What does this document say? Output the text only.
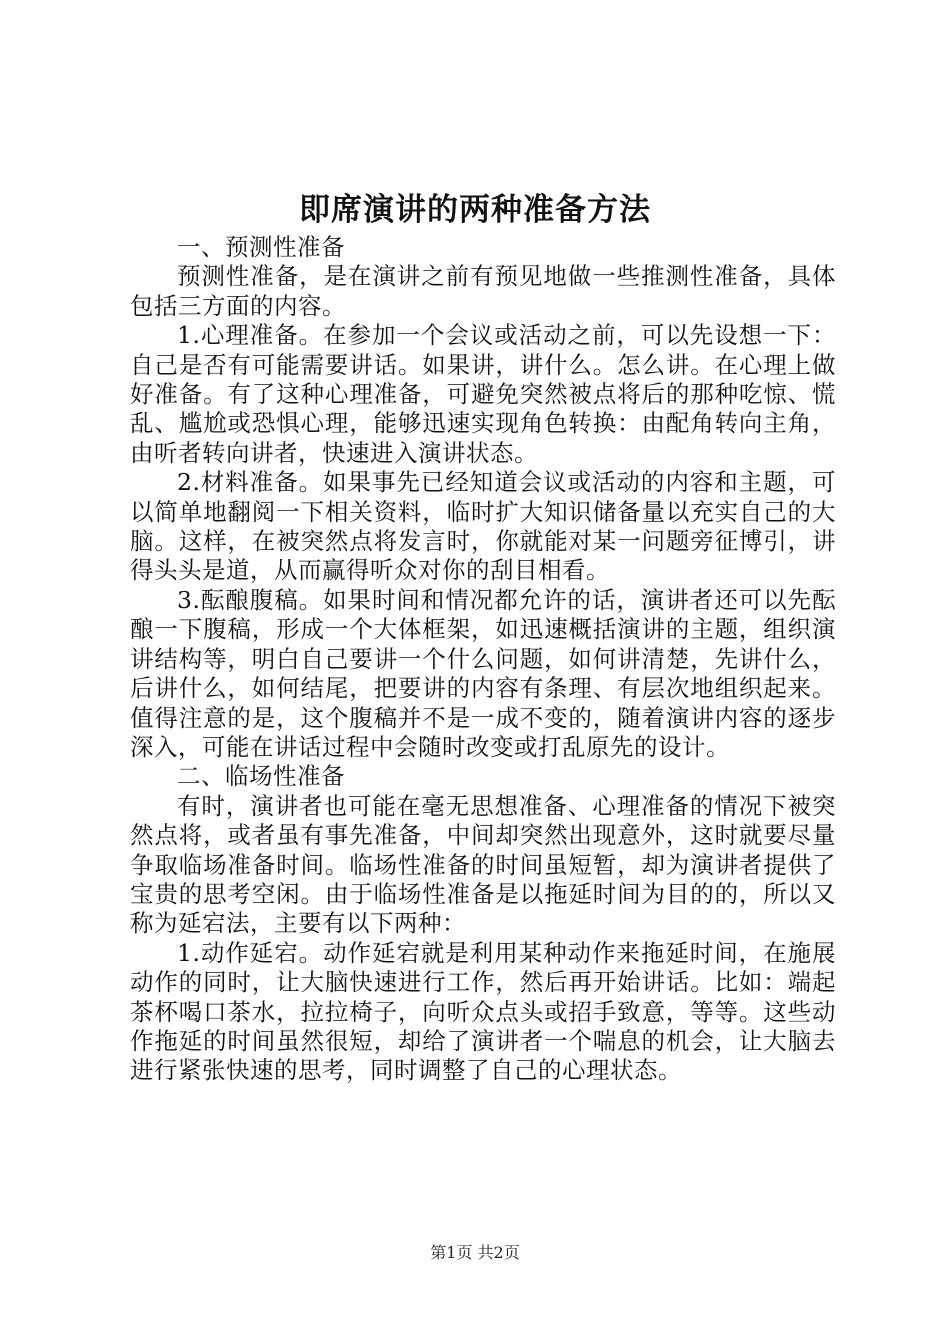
即席演讲的两种准备方法

一、预测性准备

预测性准备，是在演讲之前有预见地做一些推测性准备，具体包括三方面的内容。

1.心理准备。在参加一个会议或活动之前，可以先设想一下：自己是否有可能需要讲话。如果讲，讲什么。怎么讲。在心理上做好准备。有了这种心理准备，可避免突然被点将后的那种吃惊、慌乱、尴尬或恐惧心理，能够迅速实现角色转换：由配角转向主角，由听者转向讲者，快速进入演讲状态。

2.材料准备。如果事先已经知道会议或活动的内容和主题，可以简单地翻阅一下相关资料，临时扩大知识储备量以充实自己的大脑。这样，在被突然点将发言时，你就能对某一问题旁征博引，讲得头头是道，从而赢得听众对你的刮目相看。

3.酝酿腹稿。如果时间和情况都允许的话，演讲者还可以先酝酿一下腹稿，形成一个大体框架，如迅速概括演讲的主题，组织演讲结构等，明白自己要讲一个什么问题，如何讲清楚，先讲什么，后讲什么，如何结尾，把要讲的内容有条理、有层次地组织起来。值得注意的是，这个腹稿并不是一成不变的，随着演讲内容的逐步深入，可能在讲话过程中会随时改变或打乱原先的设计。

二、临场性准备

有时，演讲者也可能在毫无思想准备、心理准备的情况下被突然点将，或者虽有事先准备，中间却突然出现意外，这时就要尽量争取临场准备时间。临场性准备的时间虽短暂，却为演讲者提供了宝贵的思考空闲。由于临场性准备是以拖延时间为目的的，所以又称为延宕法，主要有以下两种：

1.动作延宕。动作延宕就是利用某种动作来拖延时间，在施展动作的同时，让大脑快速进行工作，然后再开始讲话。比如：端起茶杯喝口茶水，拉拉椅子，向听众点头或招手致意，等等。这些动作拖延的时间虽然很短，却给了演讲者一个喘息的机会，让大脑去进行紧张快速的思考，同时调整了自己的心理状态。

第1页 共2页
